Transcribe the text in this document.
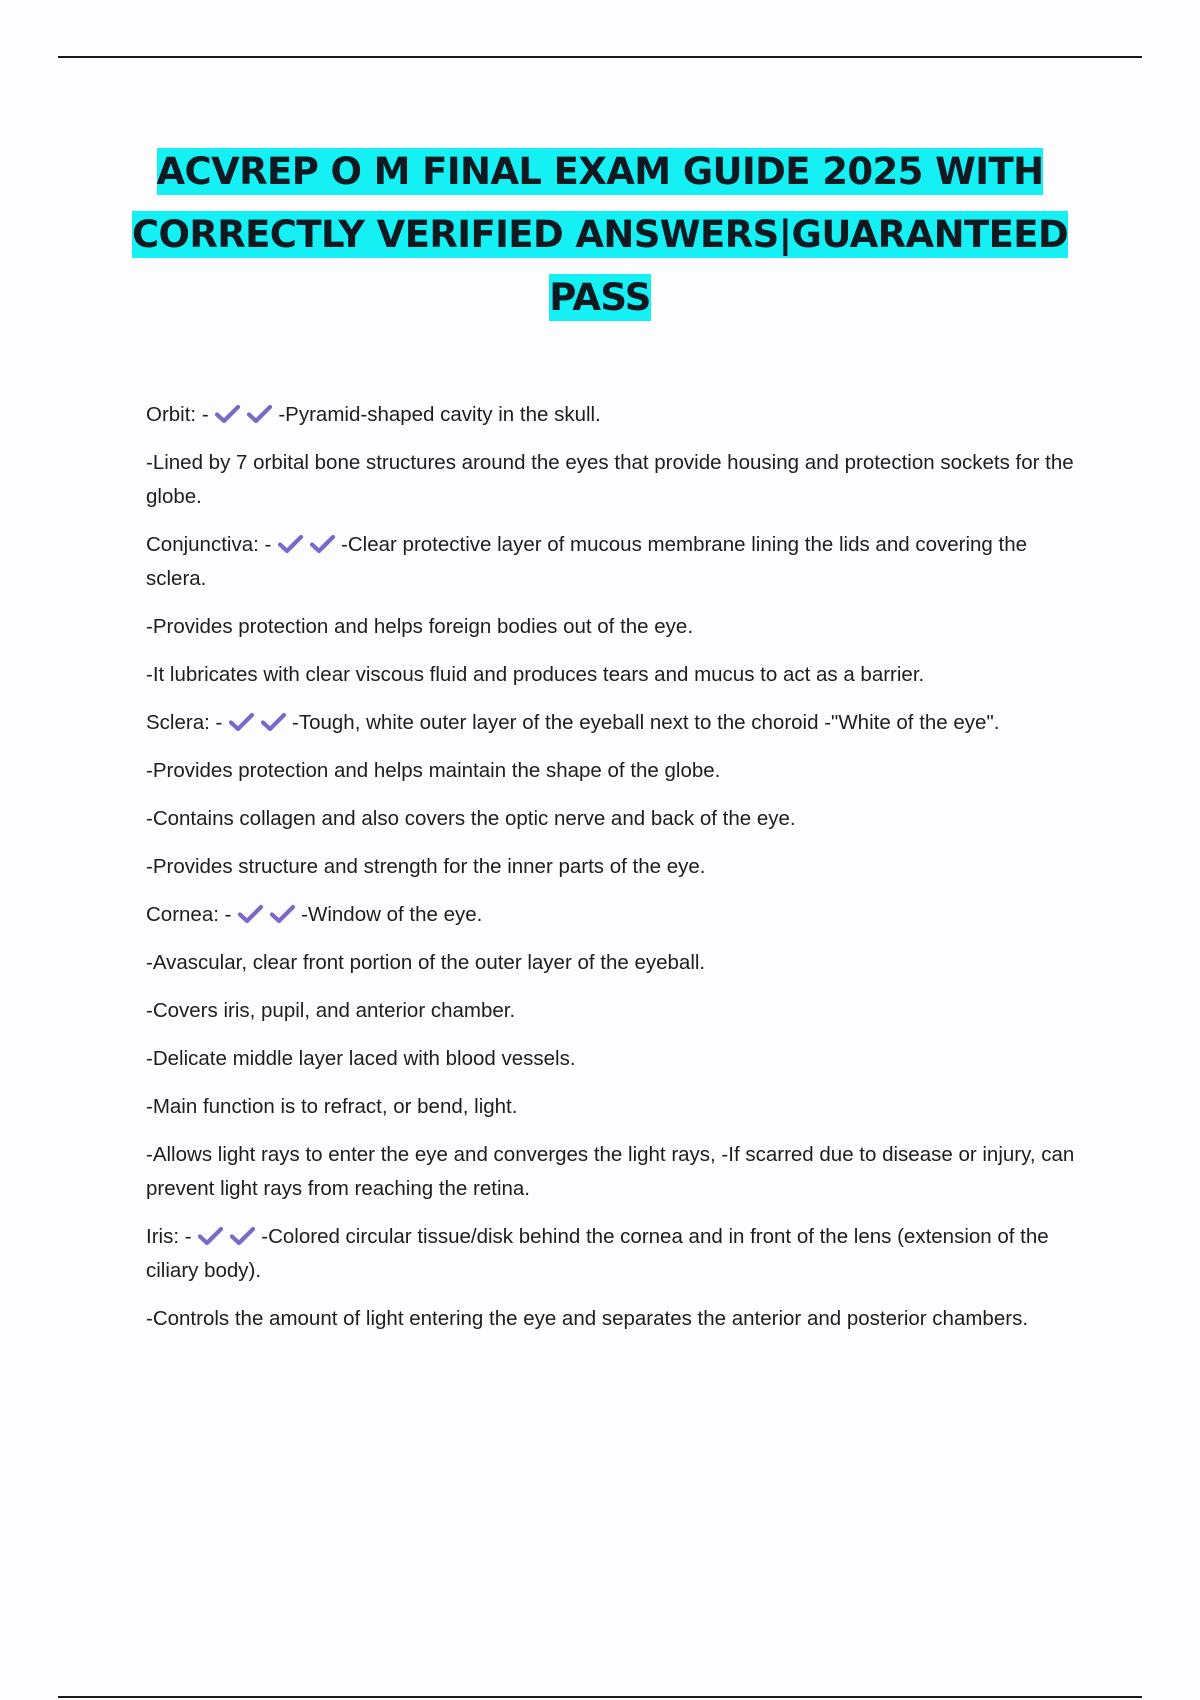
ACVREP O M FINAL EXAM GUIDE 2025 WITH CORRECTLY VERIFIED ANSWERS|GUARANTEED PASS

Orbit: -	-Pyramid-shaped cavity in the skull.

-Lined by 7 orbital bone structures around the eyes that provide housing and protection sockets for the globe.

Conjunctiva: -	-Clear protective layer of mucous membrane lining the lids and covering the sclera.

-Provides protection and helps foreign bodies out of the eye.

-It lubricates with clear viscous fluid and produces tears and mucus to act as a barrier.

Sclera: -	-Tough, white outer layer of the eyeball next to the choroid -"White of the eye".

-Provides protection and helps maintain the shape of the globe.

-Contains collagen and also covers the optic nerve and back of the eye.

-Provides structure and strength for the inner parts of the eye.

Cornea: -	-Window of the eye.

-Avascular, clear front portion of the outer layer of the eyeball.

-Covers iris, pupil, and anterior chamber.

-Delicate middle layer laced with blood vessels.

-Main function is to refract, or bend, light.

-Allows light rays to enter the eye and converges the light rays, -If scarred due to disease or injury, can prevent light rays from reaching the retina.

Iris: -	-Colored circular tissue/disk behind the cornea and in front of the lens (extension of the ciliary body).

-Controls the amount of light entering the eye and separates the anterior and posterior chambers.
